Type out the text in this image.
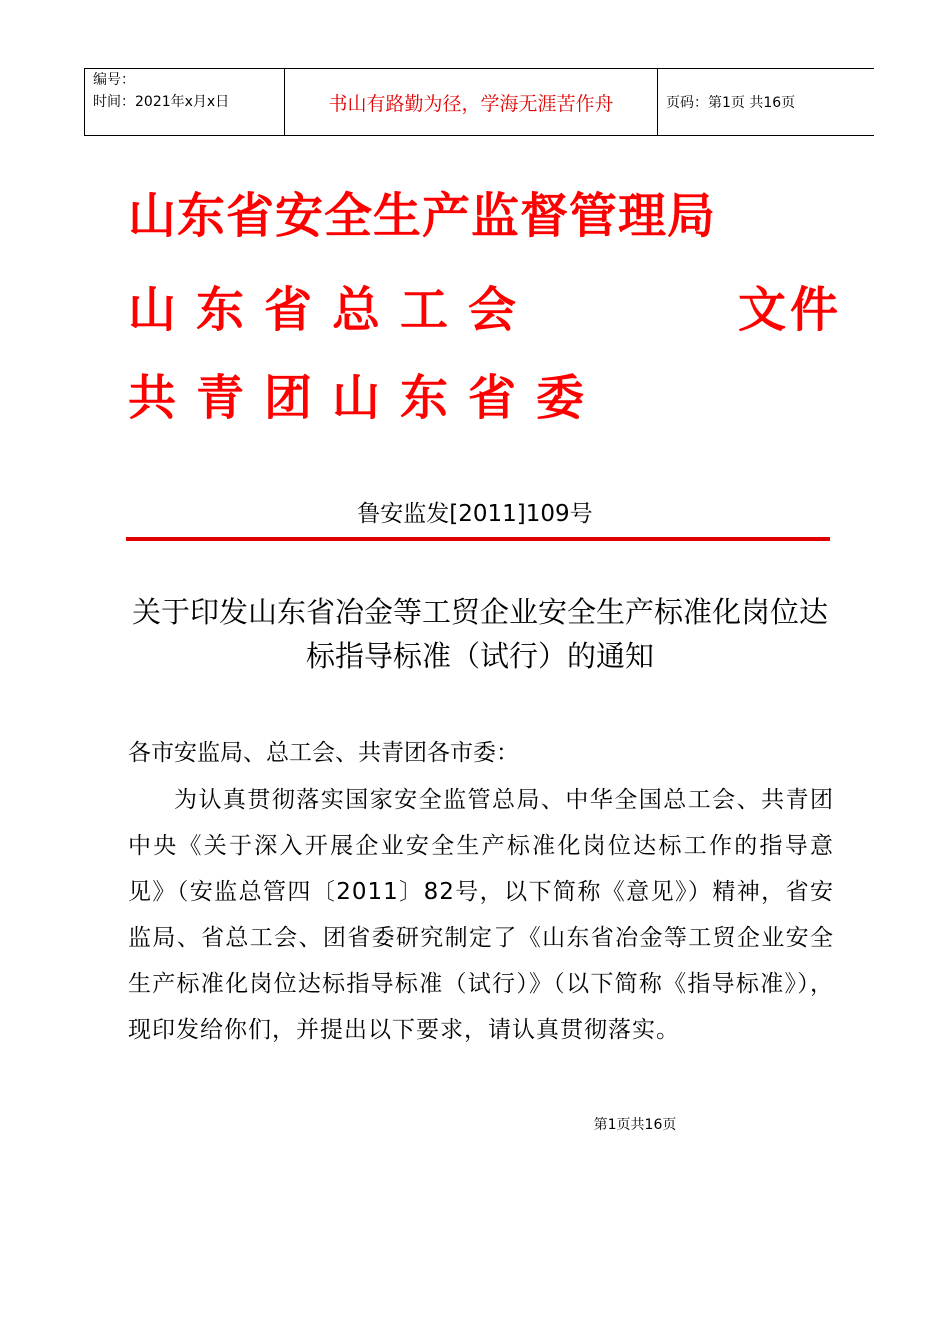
编号：
时间：2021年x月x日	书山有路勤为径，学海无涯苦作舟	页码：第1页 共16页
山东省安全生产监督管理局
山东省总工会	文件
共青团山东省委
鲁安监发[2011]109号
关于印发山东省冶金等工贸企业安全生产标准化岗位达标指导标准（试行）的通知
各市安监局、总工会、共青团各市委：
为认真贯彻落实国家安全监管总局、中华全国总工会、共青团中央《关于深入开展企业安全生产标准化岗位达标工作的指导意见》（安监总管四〔2011〕82号，以下简称《意见》）精神，省安监局、省总工会、团省委研究制定了《山东省冶金等工贸企业安全生产标准化岗位达标指导标准（试行）》（以下简称《指导标准》），现印发给你们，并提出以下要求，请认真贯彻落实。
第1页共16页
